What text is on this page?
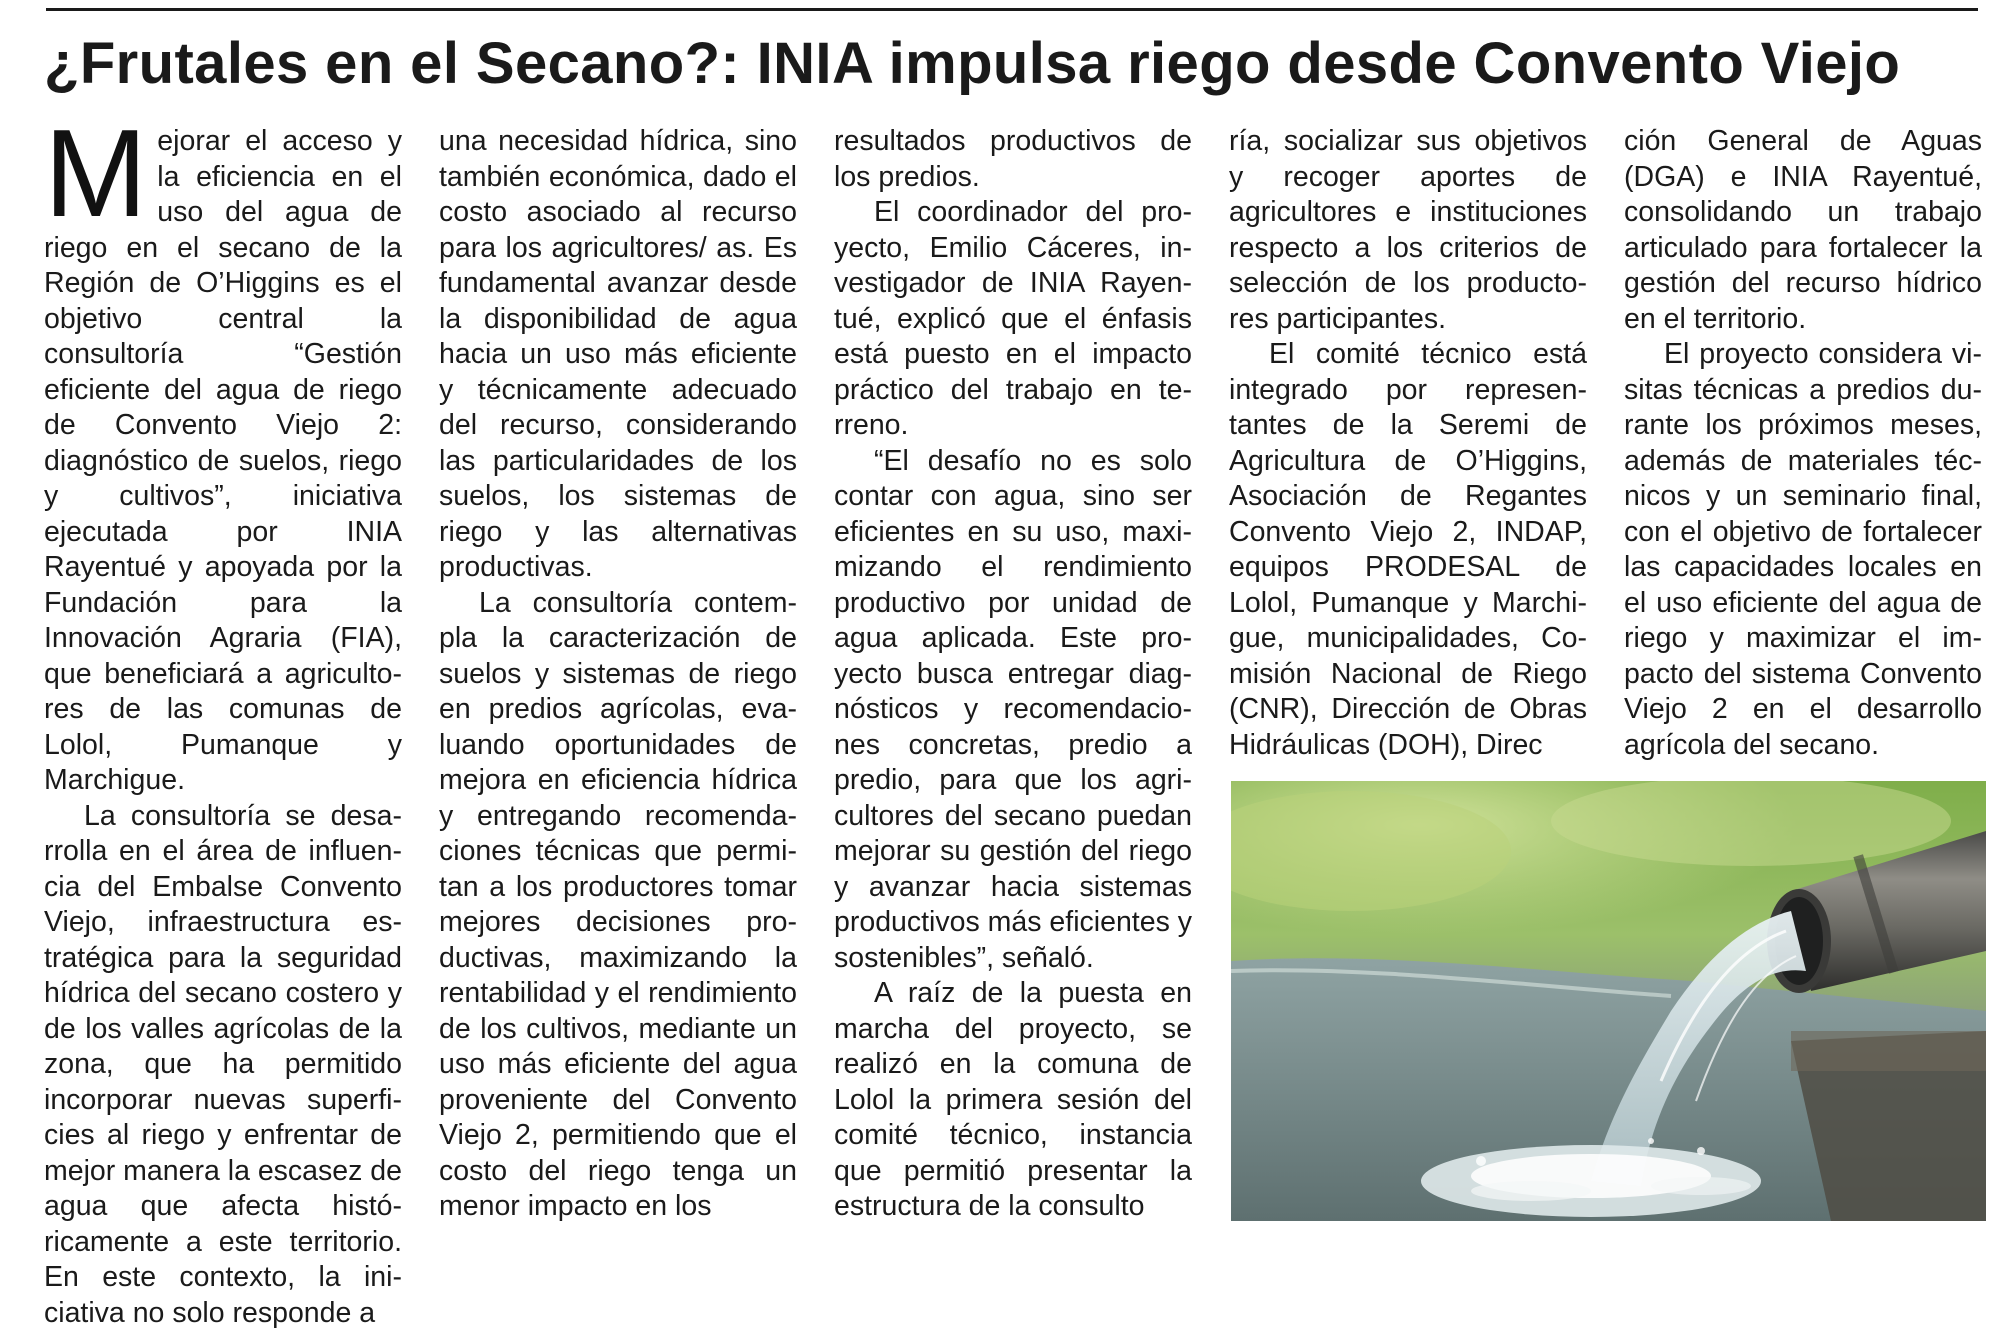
¿Frutales en el Secano?: INIA impulsa riego desde Convento Viejo

Mejorar el acceso y la eficiencia en el uso del agua de riego en el secano de la Región de O’Higgins es el objetivo central la consultoría “Gestión eficiente del agua de riego de Convento Viejo 2: diagnóstico de suelos, riego y cultivos”, iniciativa ejecutada por INIA Rayentué y apoyada por la Fundación para la Innovación Agraria (FIA), que beneficiará a agricultores de las comunas de Lolol, Pumanque y Marchigue.

La consultoría se desarrolla en el área de influencia del Embalse Convento Viejo, infraestructura estratégica para la seguridad hídrica del secano costero y de los valles agrícolas de la zona, que ha permitido incorporar nuevas superficies al riego y enfrentar de mejor manera la escasez de agua que afecta históricamente a este territorio. En este contexto, la iniciativa no solo responde a

una necesidad hídrica, sino también económica, dado el costo asociado al recurso para los agricultores/ as. Es fundamental avanzar desde la disponibilidad de agua hacia un uso más eficiente y técnicamente adecuado del recurso, considerando las particularidades de los suelos, los sistemas de riego y las alternativas productivas.

La consultoría contempla la caracterización de suelos y sistemas de riego en predios agrícolas, evaluando oportunidades de mejora en eficiencia hídrica y entregando recomendaciones técnicas que permitan a los productores tomar mejores decisiones productivas, maximizando la rentabilidad y el rendimiento de los cultivos, mediante un uso más eficiente del agua proveniente del Convento Viejo 2, permitiendo que el costo del riego tenga un menor impacto en los

resultados productivos de los predios.

El coordinador del proyecto, Emilio Cáceres, investigador de INIA Rayentué, explicó que el énfasis está puesto en el impacto práctico del trabajo en terreno.

“El desafío no es solo contar con agua, sino ser eficientes en su uso, maximizando el rendimiento productivo por unidad de agua aplicada. Este proyecto busca entregar diagnósticos y recomendaciones concretas, predio a predio, para que los agricultores del secano puedan mejorar su gestión del riego y avanzar hacia sistemas productivos más eficientes y sostenibles”, señaló.

A raíz de la puesta en marcha del proyecto, se realizó en la comuna de Lolol la primera sesión del comité técnico, instancia que permitió presentar la estructura de la consulto

ría, socializar sus objetivos y recoger aportes de agricultores e instituciones respecto a los criterios de selección de los productores participantes.

El comité técnico está integrado por representantes de la Seremi de Agricultura de O’Higgins, Asociación de Regantes Convento Viejo 2, INDAP, equipos PRODESAL de Lolol, Pumanque y Marchigue, municipalidades, Comisión Nacional de Riego (CNR), Dirección de Obras Hidráulicas (DOH), Direc

ción General de Aguas (DGA) e INIA Rayentué, consolidando un trabajo articulado para fortalecer la gestión del recurso hídrico en el territorio.

El proyecto considera visitas técnicas a predios durante los próximos meses, además de materiales técnicos y un seminario final, con el objetivo de fortalecer las capacidades locales en el uso eficiente del agua de riego y maximizar el impacto del sistema Convento Viejo 2 en el desarrollo agrícola del secano.
